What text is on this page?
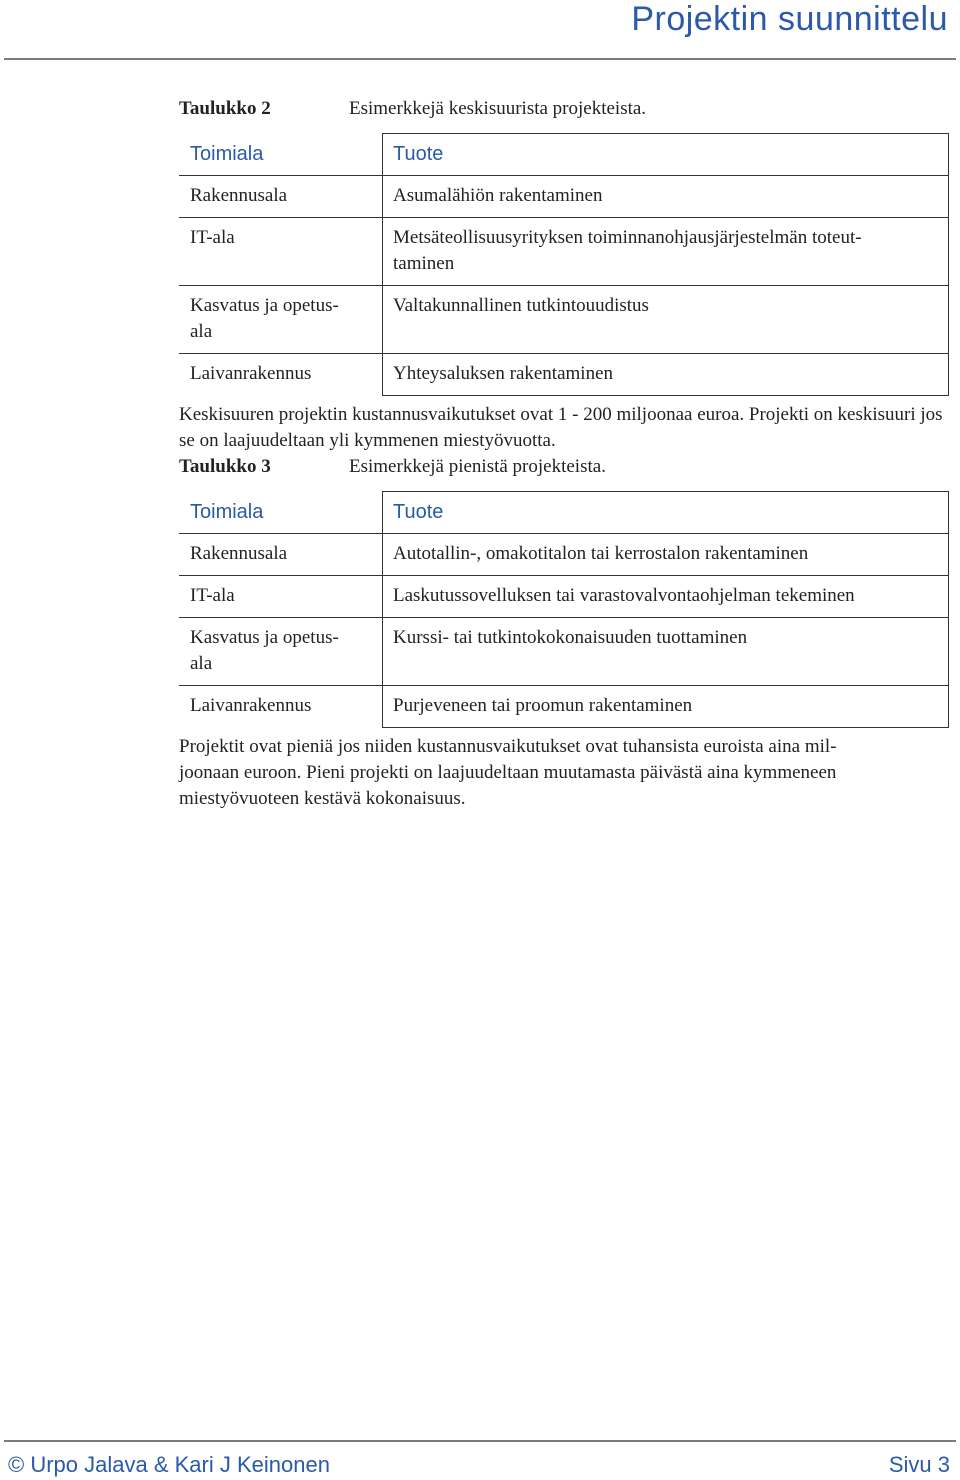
Projektin suunnittelu
Taulukko 2	Esimerkkejä keskisuurista projekteista.
Toimiala	Tuote
Rakennusala	Asumalähiön rakentaminen
IT-ala	Metsäteollisuusyrityksen toiminnanohjausjärjestelmän toteut-
taminen
Kasvatus ja opetus-
ala	Valtakunnallinen tutkintouudistus
Laivanrakennus	Yhteysaluksen rakentaminen

Keskisuuren projektin kustannusvaikutukset ovat 1 - 200 miljoonaa euroa. Projekti on keskisuuri jos se on laajuudeltaan yli kymmenen miestyövuotta.

Taulukko 3	Esimerkkejä pienistä projekteista.
Toimiala	Tuote
Rakennusala	Autotallin-, omakotitalon tai kerrostalon rakentaminen
IT-ala	Laskutussovelluksen tai varastovalvontaohjelman tekeminen
Kasvatus ja opetus-
ala	Kurssi- tai tutkintokokonaisuuden tuottaminen
Laivanrakennus	Purjeveneen tai proomun rakentaminen

Projektit ovat pieniä jos niiden kustannusvaikutukset ovat tuhansista euroista aina mil-
joonaan euroon. Pieni projekti on laajuudeltaan muutamasta päivästä aina kymmeneen
miestyövuoteen kestävä kokonaisuus.

© Urpo Jalava & Kari J Keinonen	Sivu 3
